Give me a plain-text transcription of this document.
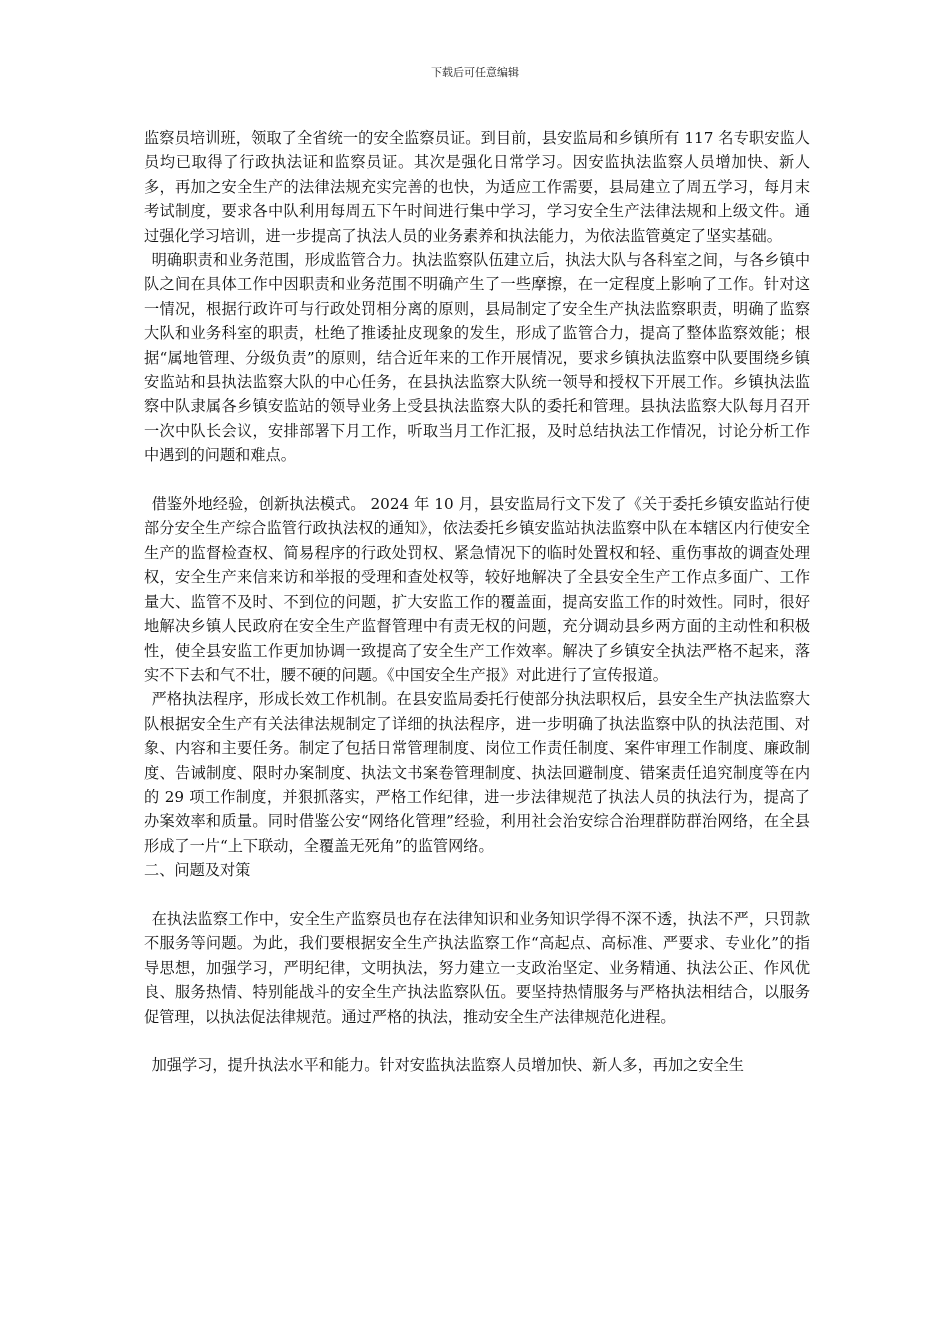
下载后可任意编辑

监察员培训班，领取了全省统一的安全监察员证。到目前，县安监局和乡镇所有 117 名专职安监人员均已取得了行政执法证和监察员证。其次是强化日常学习。因安监执法监察人员增加快、新人多，再加之安全生产的法律法规充实完善的也快，为适应工作需要，县局建立了周五学习，每月末考试制度，要求各中队利用每周五下午时间进行集中学习，学习安全生产法律法规和上级文件。通过强化学习培训，进一步提高了执法人员的业务素养和执法能力，为依法监管奠定了坚实基础。

明确职责和业务范围，形成监管合力。执法监察队伍建立后，执法大队与各科室之间，与各乡镇中队之间在具体工作中因职责和业务范围不明确产生了一些摩擦，在一定程度上影响了工作。针对这一情况，根据行政许可与行政处罚相分离的原则，县局制定了安全生产执法监察职责，明确了监察大队和业务科室的职责，杜绝了推诿扯皮现象的发生，形成了监管合力，提高了整体监察效能；根据“属地管理、分级负责”的原则，结合近年来的工作开展情况，要求乡镇执法监察中队要围绕乡镇安监站和县执法监察大队的中心任务，在县执法监察大队统一领导和授权下开展工作。乡镇执法监察中队隶属各乡镇安监站的领导业务上受县执法监察大队的委托和管理。县执法监察大队每月召开一次中队长会议，安排部署下月工作，听取当月工作汇报，及时总结执法工作情况，讨论分析工作中遇到的问题和难点。

借鉴外地经验，创新执法模式。 2024 年 10 月，县安监局行文下发了《关于委托乡镇安监站行使部分安全生产综合监管行政执法权的通知》，依法委托乡镇安监站执法监察中队在本辖区内行使安全生产的监督检查权、简易程序的行政处罚权、紧急情况下的临时处置权和轻、重伤事故的调查处理权，安全生产来信来访和举报的受理和查处权等，较好地解决了全县安全生产工作点多面广、工作量大、监管不及时、不到位的问题，扩大安监工作的覆盖面，提高安监工作的时效性。同时，很好地解决乡镇人民政府在安全生产监督管理中有责无权的问题，充分调动县乡两方面的主动性和积极性，使全县安监工作更加协调一致提高了安全生产工作效率。解决了乡镇安全执法严格不起来，落实不下去和气不壮，腰不硬的问题。《中国安全生产报》对此进行了宣传报道。

严格执法程序，形成长效工作机制。在县安监局委托行使部分执法职权后，县安全生产执法监察大队根据安全生产有关法律法规制定了详细的执法程序，进一步明确了执法监察中队的执法范围、对象、内容和主要任务。制定了包括日常管理制度、岗位工作责任制度、案件审理工作制度、廉政制度、告诫制度、限时办案制度、执法文书案卷管理制度、执法回避制度、错案责任追究制度等在内的 29 项工作制度，并狠抓落实，严格工作纪律，进一步法律规范了执法人员的执法行为，提高了办案效率和质量。同时借鉴公安“网络化管理”经验，利用社会治安综合治理群防群治网络，在全县形成了一片“上下联动，全覆盖无死角”的监管网络。

二、问题及对策

在执法监察工作中，安全生产监察员也存在法律知识和业务知识学得不深不透，执法不严，只罚款不服务等问题。为此，我们要根据安全生产执法监察工作“高起点、高标准、严要求、专业化”的指导思想，加强学习，严明纪律，文明执法，努力建立一支政治坚定、业务精通、执法公正、作风优良、服务热情、特别能战斗的安全生产执法监察队伍。要坚持热情服务与严格执法相结合，以服务促管理，以执法促法律规范。通过严格的执法，推动安全生产法律规范化进程。

加强学习，提升执法水平和能力。针对安监执法监察人员增加快、新人多，再加之安全生
